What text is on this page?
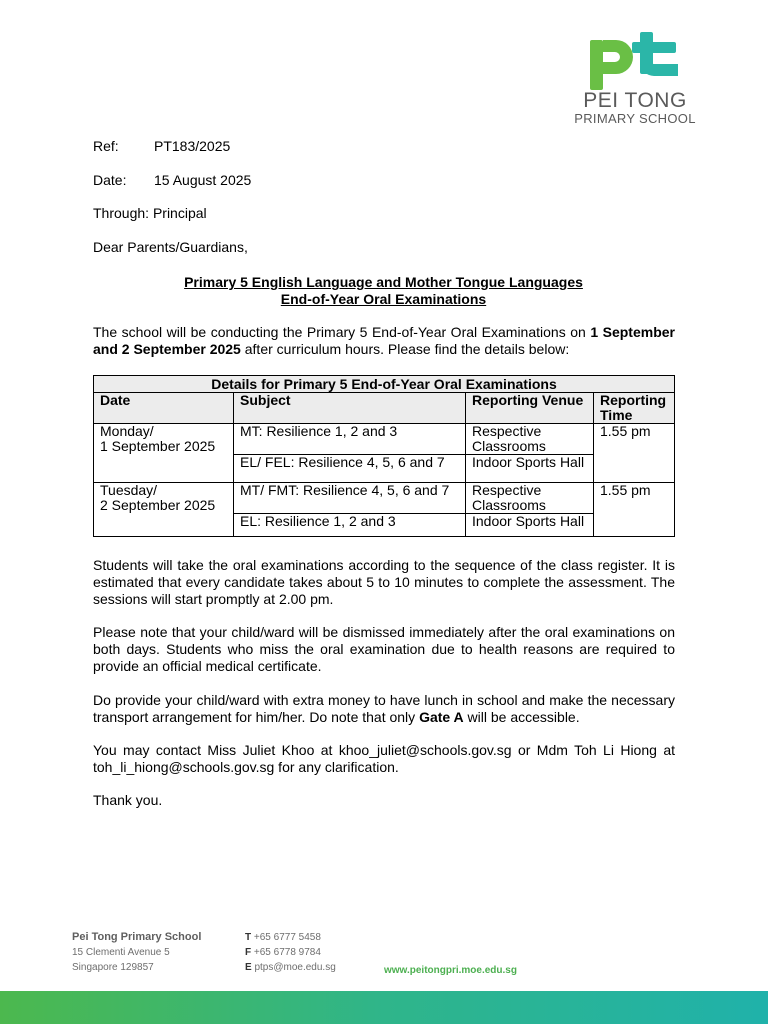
PEI TONG
PRIMARY SCHOOL
Ref:	PT183/2025
Date: 15 August 2025
Through: Principal
Dear Parents/Guardians,
Primary 5 English Language and Mother Tongue Languages
End-of-Year Oral Examinations

The school will be conducting the Primary 5 End-of-Year Oral Examinations on 1 September and 2 September 2025 after curriculum hours. Please find the details below:

Details for Primary 5 End-of-Year Oral Examinations			
Date	Subject	Reporting Venue	Reporting Time

Monday/
1 September 2025	MT: Resilience 1, 2 and 3	Respective Classrooms	1.55 pm
	EL/ FEL: Resilience 4, 5, 6 and 7	Indoor Sports Hall	

Tuesday/
2 September 2025	MT/ FMT: Resilience 4, 5, 6 and 7	Respective Classrooms	1.55 pm
	EL: Resilience 1, 2 and 3	Indoor Sports Hall	

Students will take the oral examinations according to the sequence of the class register. It is estimated that every candidate takes about 5 to 10 minutes to complete the assessment. The sessions will start promptly at 2.00 pm.

Please note that your child/ward will be dismissed immediately after the oral examinations on both days. Students who miss the oral examination due to health reasons are required to provide an official medical certificate.

Do provide your child/ward with extra money to have lunch in school and make the necessary transport arrangement for him/her. Do note that only Gate A will be accessible.

You may contact Miss Juliet Khoo at khoo_juliet@schools.gov.sg or Mdm Toh Li Hiong at toh_li_hiong@schools.gov.sg for any clarification.

Thank you.

Pei Tong Primary School
15 Clementi Avenue 5
Singapore 129857
T +65 6777 5458
F +65 6778 9784
E ptps@moe.edu.sg	www.peitongpri.moe.edu.sg
